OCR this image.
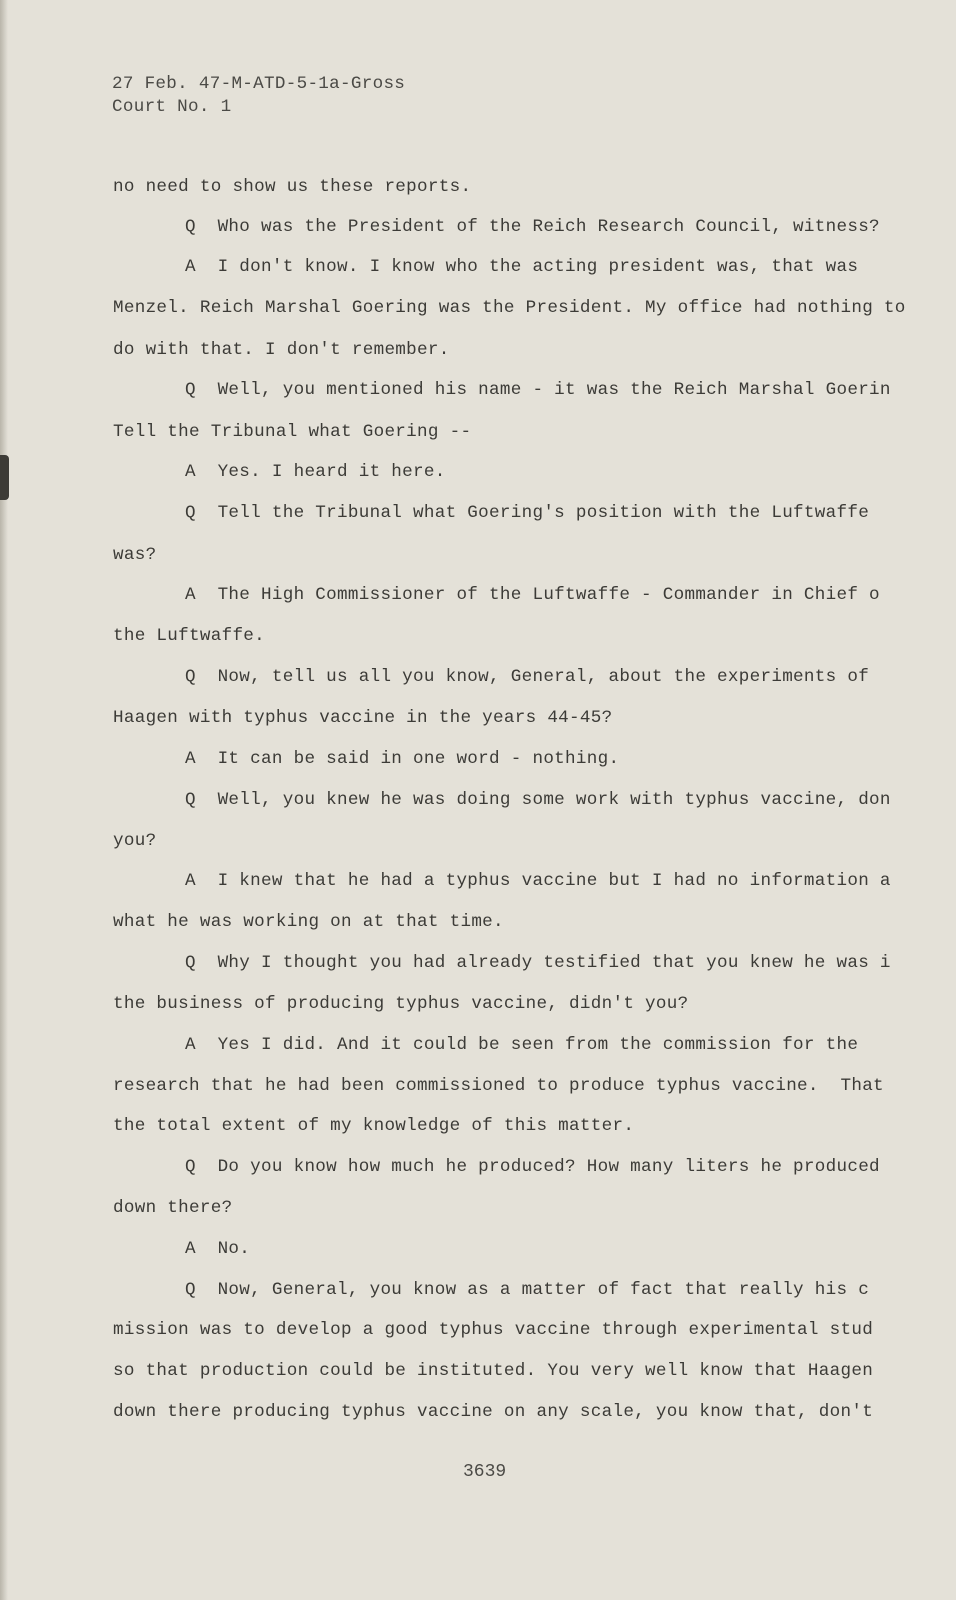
27 Feb. 47-M-ATD-5-1a-Gross
Court No. 1
no need to show us these reports.
Q  Who was the President of the Reich Research Council, witness?
A  I don't know. I know who the acting president was, that was
Menzel. Reich Marshal Goering was the President. My office had nothing to
do with that. I don't remember.
Q  Well, you mentioned his name - it was the Reich Marshal Goerin
Tell the Tribunal what Goering --
A  Yes. I heard it here.
Q  Tell the Tribunal what Goering's position with the Luftwaffe
was?
A  The High Commissioner of the Luftwaffe - Commander in Chief o
the Luftwaffe.
Q  Now, tell us all you know, General, about the experiments of
Haagen with typhus vaccine in the years 44-45?
A  It can be said in one word - nothing.
Q  Well, you knew he was doing some work with typhus vaccine, don
you?
A  I knew that he had a typhus vaccine but I had no information a
what he was working on at that time.
Q  Why I thought you had already testified that you knew he was i
the business of producing typhus vaccine, didn't you?
A  Yes I did. And it could be seen from the commission for the
research that he had been commissioned to produce typhus vaccine.  That
the total extent of my knowledge of this matter.
Q  Do you know how much he produced? How many liters he produced
down there?
A  No.
Q  Now, General, you know as a matter of fact that really his c
mission was to develop a good typhus vaccine through experimental stud
so that production could be instituted. You very well know that Haagen
down there producing typhus vaccine on any scale, you know that, don't
3639
